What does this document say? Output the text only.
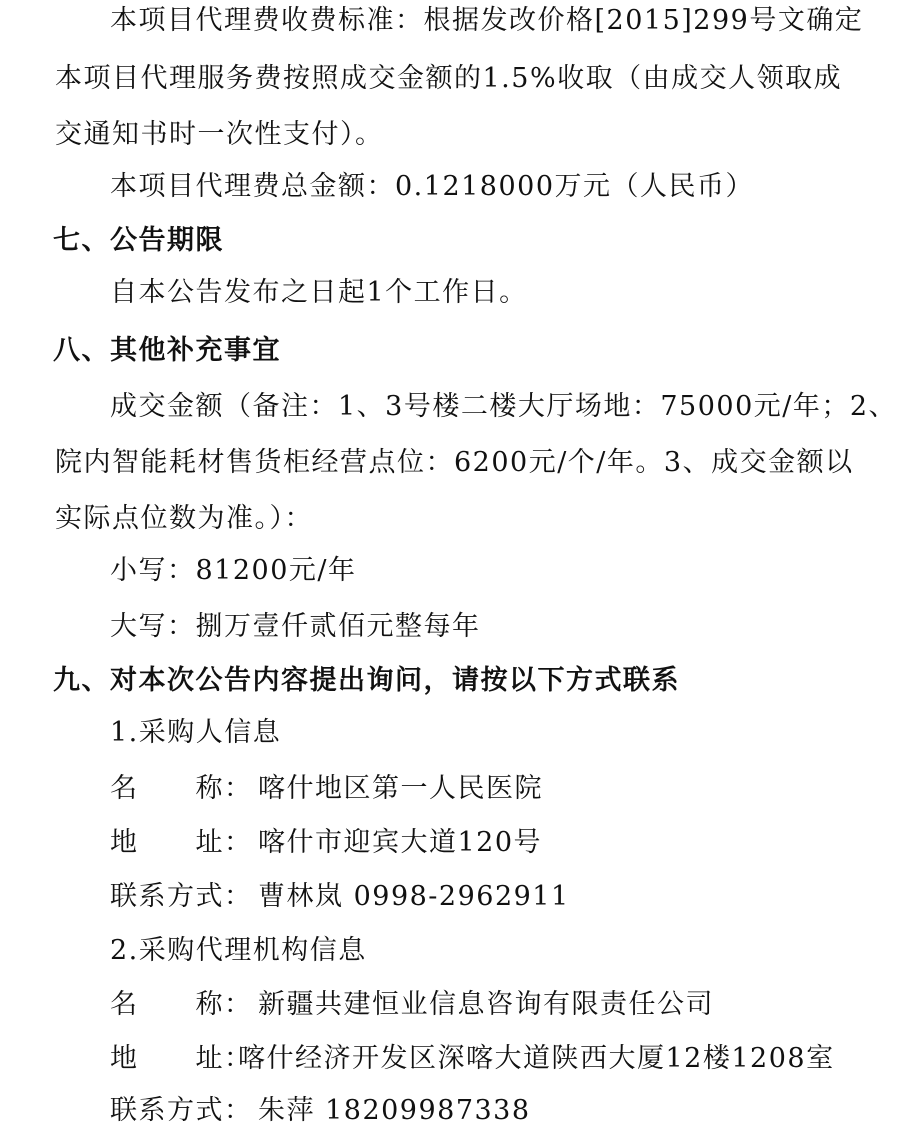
本项目代理费收费标准：根据发改价格[2015]299号文确定
本项目代理服务费按照成交金额的1.5%收取（由成交人领取成
交通知书时一次性支付）。
本项目代理费总金额：0.1218000万元（人民币）
七、公告期限
自本公告发布之日起1个工作日。
八、其他补充事宜
成交金额（备注：1、3号楼二楼大厅场地：75000元/年；2、
院内智能耗材售货柜经营点位：6200元/个/年。3、成交金额以
实际点位数为准。）：
小写：81200元/年
大写：捌万壹仟贰佰元整每年
九、对本次公告内容提出询问，请按以下方式联系
1.采购人信息
名　　称： 喀什地区第一人民医院
地　　址： 喀什市迎宾大道120号
联系方式： 曹林岚 0998-2962911
2.采购代理机构信息
名　　称： 新疆共建恒业信息咨询有限责任公司
地　　址：喀什经济开发区深喀大道陕西大厦12楼1208室
联系方式： 朱萍 18209987338
